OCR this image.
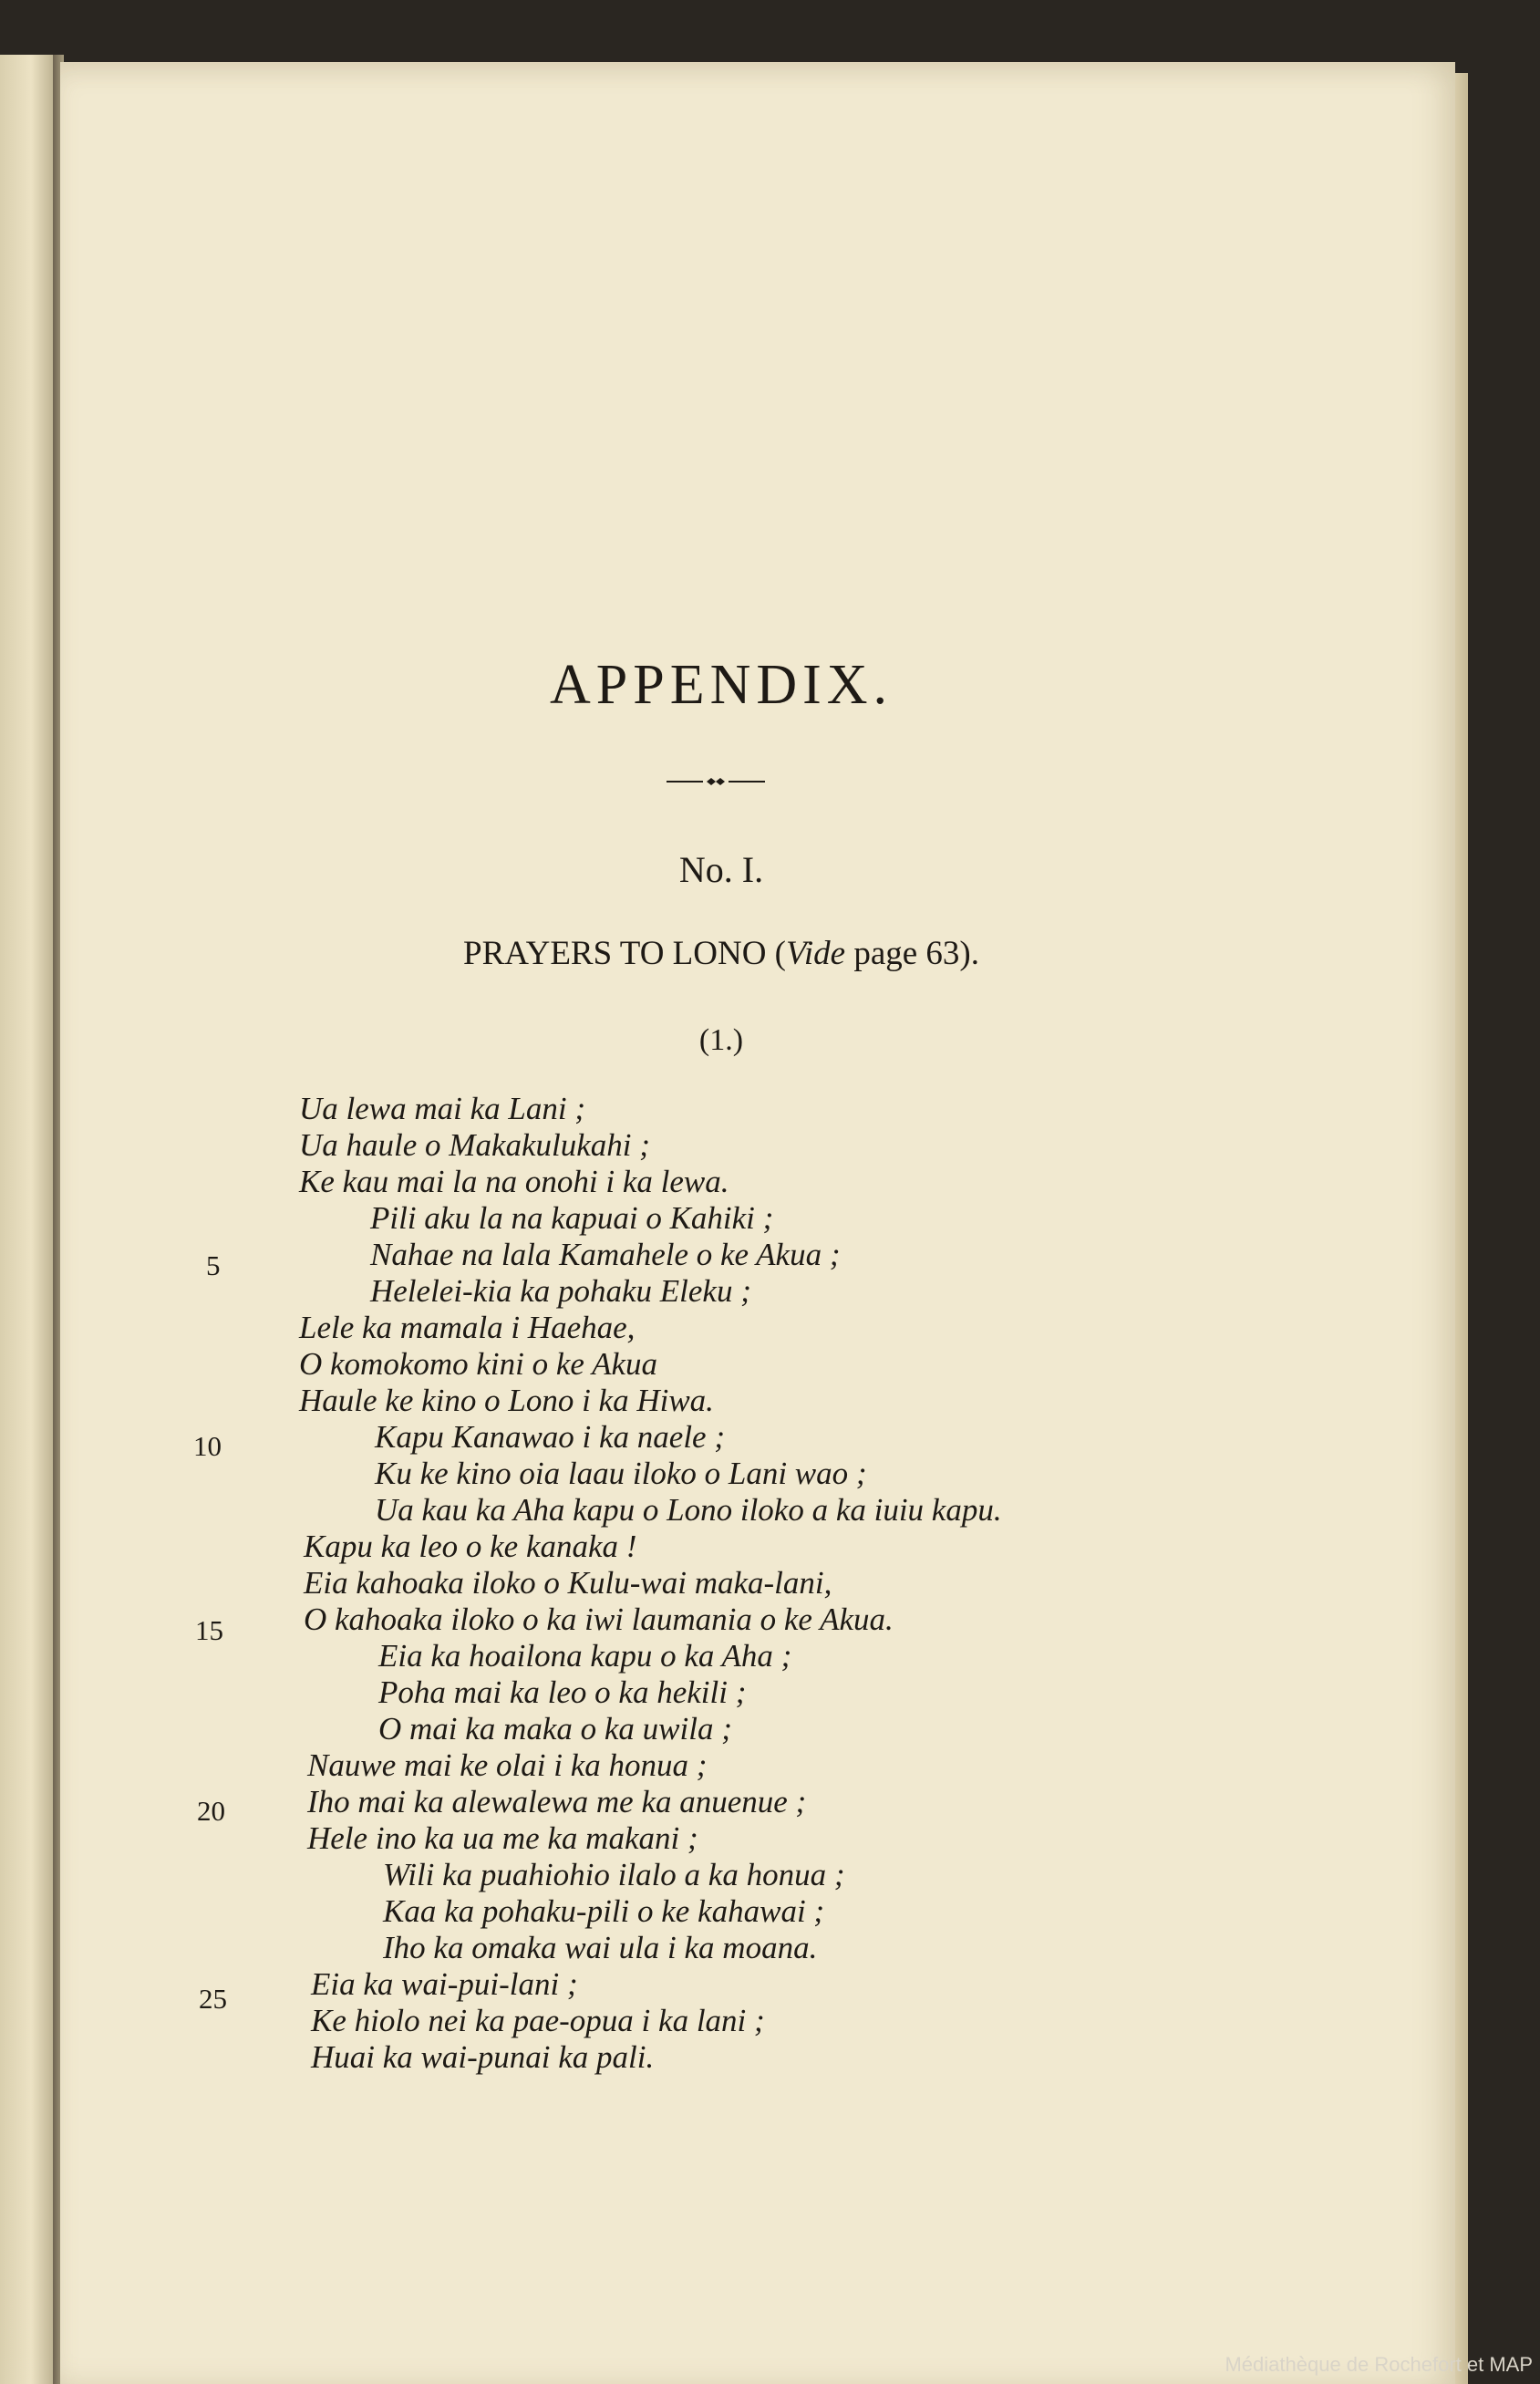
APPENDIX.
No. I.
PRAYERS TO LONO (Vide page 63).
(1.)
Ua lewa mai ka Lani ;
Ua haule o Makakulukahi ;
Ke kau mai la na onohi i ka lewa.
Pili aku la na kapuai o Kahiki ;
Nahae na lala Kamahele o ke Akua ;
Helelei-kia ka pohaku Eleku ;
Lele ka mamala i Haehae,
O komokomo kini o ke Akua
Haule ke kino o Lono i ka Hiwa.
Kapu Kanawao i ka naele ;
Ku ke kino oia laau iloko o Lani wao ;
Ua kau ka Aha kapu o Lono iloko a ka iuiu kapu.
Kapu ka leo o ke kanaka !
Eia kahoaka iloko o Kulu-wai maka-lani,
O kahoaka iloko o ka iwi laumania o ke Akua.
Eia ka hoailona kapu o ka Aha ;
Poha mai ka leo o ka hekili ;
O mai ka maka o ka uwila ;
Nauwe mai ke olai i ka honua ;
Iho mai ka alewalewa me ka anuenue ;
Hele ino ka ua me ka makani ;
Wili ka puahiohio ilalo a ka honua ;
Kaa ka pohaku-pili o ke kahawai ;
Iho ka omaka wai ula i ka moana.
Eia ka wai-pui-lani ;
Ke hiolo nei ka pae-opua i ka lani ;
Huai ka wai-punai ka pali.
5
10
15
20
25
Médiathèque de Rochefort et MAP
